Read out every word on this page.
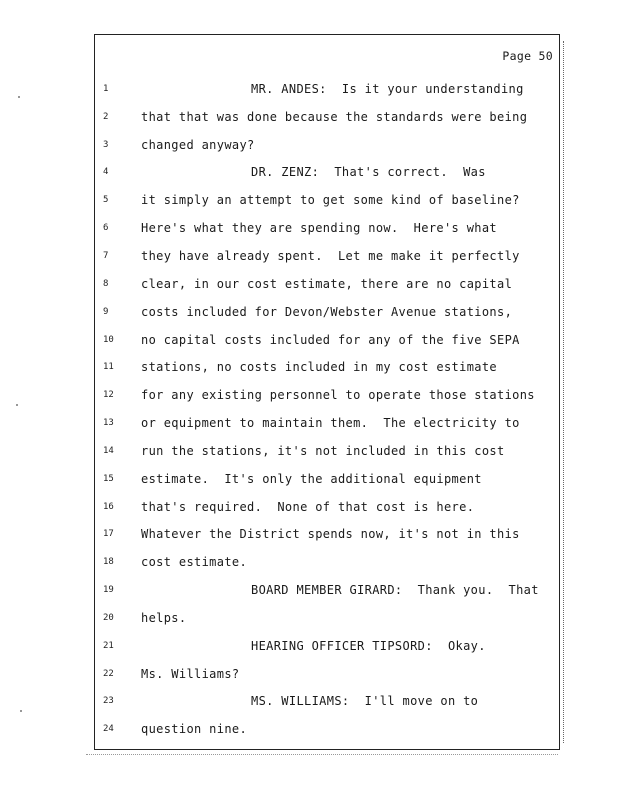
Page 50
1	MR. ANDES:  Is it your understanding
2	that that was done because the standards were being
3	changed anyway?
4	DR. ZENZ:  That's correct.  Was
5	it simply an attempt to get some kind of baseline?
6	Here's what they are spending now.  Here's what
7	they have already spent.  Let me make it perfectly
8	clear, in our cost estimate, there are no capital
9	costs included for Devon/Webster Avenue stations,
10	no capital costs included for any of the five SEPA
11	stations, no costs included in my cost estimate
12	for any existing personnel to operate those stations
13	or equipment to maintain them.  The electricity to
14	run the stations, it's not included in this cost
15	estimate.  It's only the additional equipment
16	that's required.  None of that cost is here.
17	Whatever the District spends now, it's not in this
18	cost estimate.
19	BOARD MEMBER GIRARD:  Thank you.  That
20	helps.
21	HEARING OFFICER TIPSORD:  Okay.
22	Ms. Williams?
23	MS. WILLIAMS:  I'll move on to
24	question nine.
